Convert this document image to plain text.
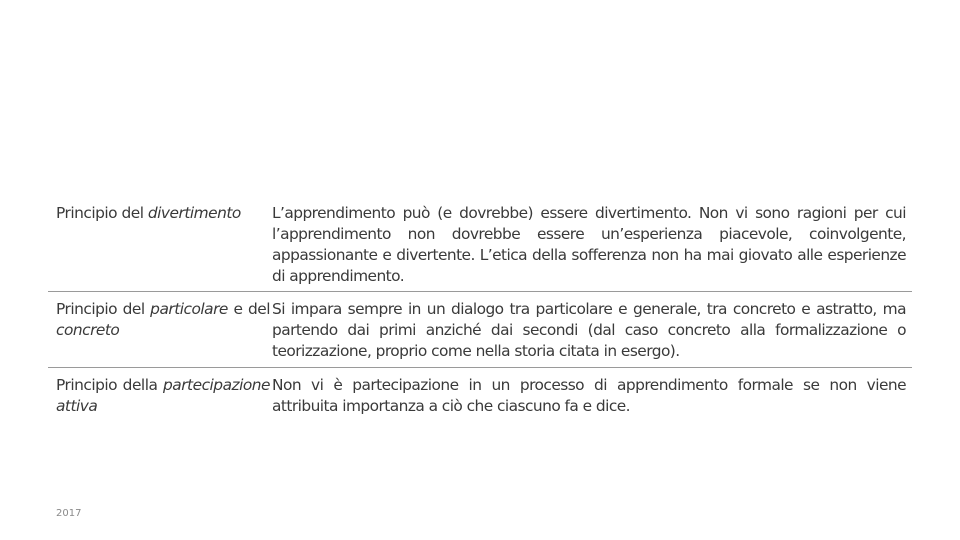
Principio del divertimento	L’apprendimento può (e dovrebbe) essere divertimento. Non vi sono ragioni per cui l’apprendimento non dovrebbe essere un’esperienza piacevole, coinvolgente, appassionante e divertente. L’etica della sofferenza non ha mai giovato alle esperienze di apprendimento.
Principio del particolare e del concreto
Si impara sempre in un dialogo tra particolare e generale, tra concreto e astratto, ma partendo dai primi anziché dai secondi (dal caso concreto alla formalizzazione o teorizzazione, proprio come nella storia citata in esergo).
Principio della partecipazione attiva
Non vi è partecipazione in un processo di apprendimento formale se non viene attribuita importanza a ciò che ciascuno fa e dice.
2017
